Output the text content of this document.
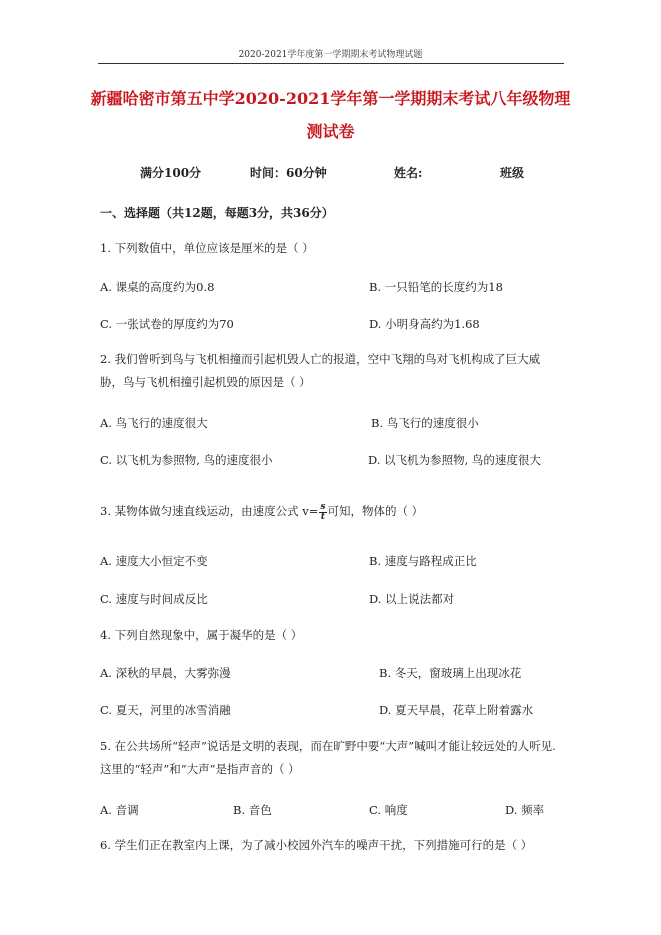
2020-2021学年度第一学期期末考试物理试题
新疆哈密市第五中学2020-2021学年第一学期期末考试八年级物理
测试卷
满分100分	时间：60分钟	姓名:	班级
一、选择题（共12题，每题3分，共36分）
1. 下列数值中，单位应该是厘米的是（ ）
A. 课桌的高度约为0.8	B. 一只铅笔的长度约为18
C. 一张试卷的厚度约为70	D. 小明身高约为1.68
2. 我们曾听到鸟与飞机相撞而引起机毁人亡的报道，空中飞翔的鸟对飞机构成了巨大威胁，鸟与飞机相撞引起机毁的原因是（ ）
A. 鸟飞行的速度很大	B. 鸟飞行的速度很小
C. 以飞机为参照物, 鸟的速度很小	D. 以飞机为参照物, 鸟的速度很大
3. 某物体做匀速直线运动，由速度公式 $v= \frac{s}{t}$ 可知，物体的（ ）
A. 速度大小恒定不变	B. 速度与路程成正比
C. 速度与时间成反比	D. 以上说法都对
4. 下列自然现象中，属于凝华的是（ ）
A. 深秋的早晨，大雾弥漫	B. 冬天，窗玻璃上出现冰花
C. 夏天，河里的冰雪消融	D. 夏天早晨，花草上附着露水
5. 在公共场所“轻声”说话是文明的表现，而在旷野中要“大声”喊叫才能让较远处的人听见. 这里的“轻声”和“大声”是指声音的（ ）
A. 音调	B. 音色	C. 响度	D. 频率
6. 学生们正在教室内上课，为了减小校园外汽车的噪声干扰，下列措施可行的是（ ）
